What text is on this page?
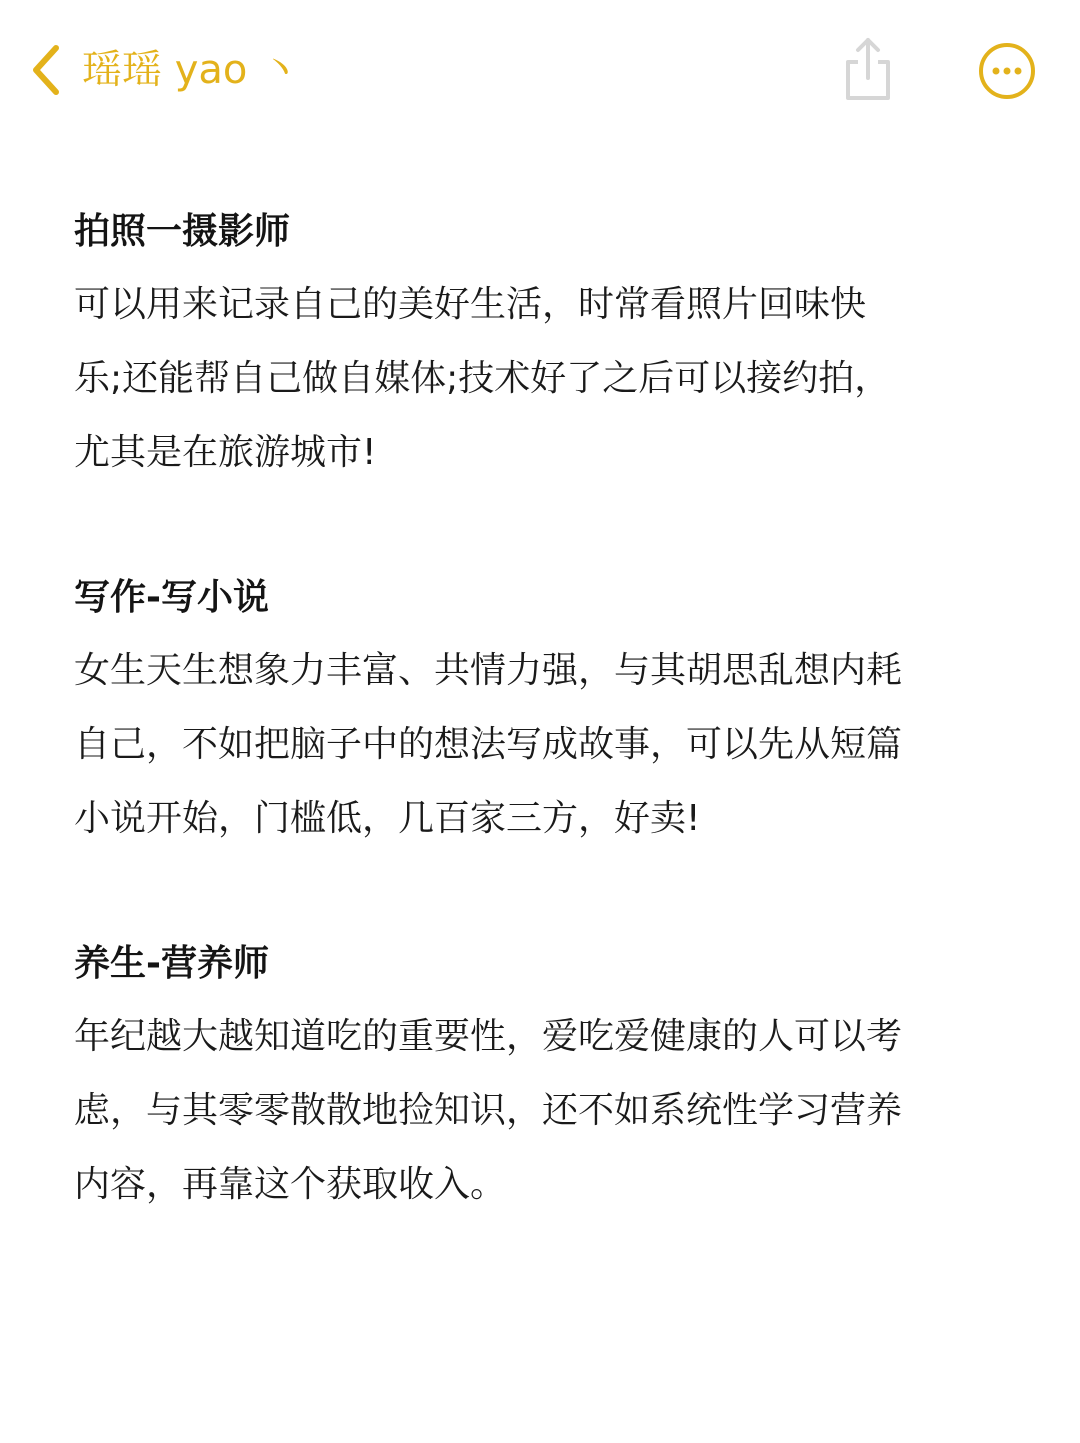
瑶瑶 yao 丶
拍照一摄影师
可以用来记录自己的美好生活，时常看照片回味快
乐;还能帮自己做自媒体;技术好了之后可以接约拍，
尤其是在旅游城市!
写作-写小说
女生天生想象力丰富、共情力强，与其胡思乱想内耗
自己，不如把脑子中的想法写成故事，可以先从短篇
小说开始，门槛低，几百家三方，好卖!
养生-营养师
年纪越大越知道吃的重要性，爱吃爱健康的人可以考
虑，与其零零散散地捡知识，还不如系统性学习营养
内容，再靠这个获取收入。
